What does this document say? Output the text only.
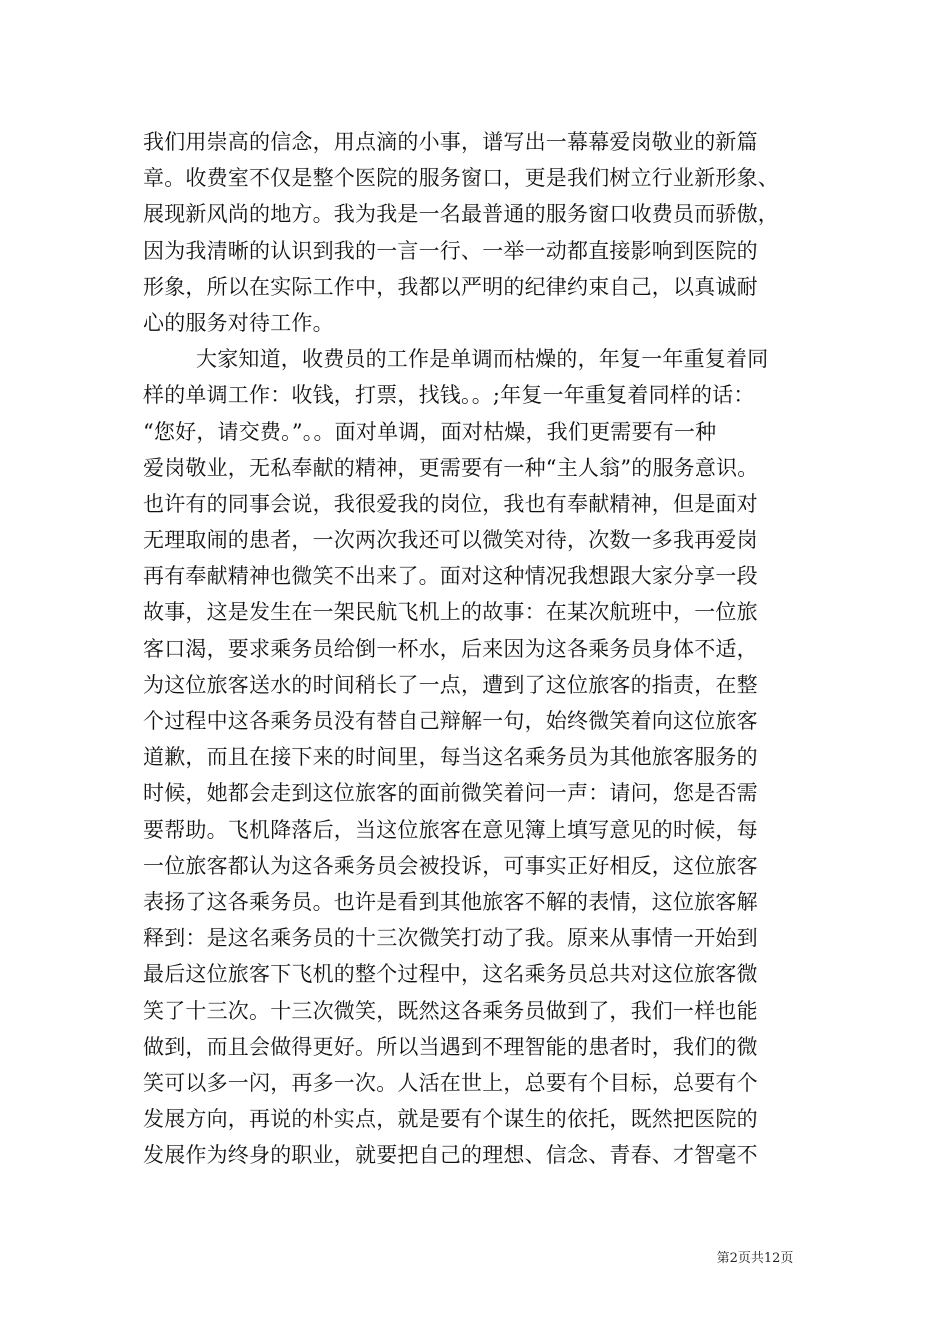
我们用崇高的信念，用点滴的小事，谱写出一幕幕爱岗敬业的新篇
章。收费室不仅是整个医院的服务窗口，更是我们树立行业新形象、
展现新风尚的地方。我为我是一名最普通的服务窗口收费员而骄傲，
因为我清晰的认识到我的一言一行、一举一动都直接影响到医院的
形象，所以在实际工作中，我都以严明的纪律约束自己，以真诚耐
心的服务对待工作。
大家知道，收费员的工作是单调而枯燥的，年复一年重复着同
样的单调工作：收钱，打票，找钱。。;年复一年重复着同样的话：
“您好，请交费。”。。面对单调，面对枯燥，我们更需要有一种
爱岗敬业，无私奉献的精神，更需要有一种“主人翁”的服务意识。
也许有的同事会说，我很爱我的岗位，我也有奉献精神，但是面对
无理取闹的患者，一次两次我还可以微笑对待，次数一多我再爱岗
再有奉献精神也微笑不出来了。面对这种情况我想跟大家分享一段
故事，这是发生在一架民航飞机上的故事：在某次航班中，一位旅
客口渴，要求乘务员给倒一杯水，后来因为这各乘务员身体不适，
为这位旅客送水的时间稍长了一点，遭到了这位旅客的指责，在整
个过程中这各乘务员没有替自己辩解一句，始终微笑着向这位旅客
道歉，而且在接下来的时间里，每当这名乘务员为其他旅客服务的
时候，她都会走到这位旅客的面前微笑着问一声：请问，您是否需
要帮助。飞机降落后，当这位旅客在意见簿上填写意见的时候，每
一位旅客都认为这各乘务员会被投诉，可事实正好相反，这位旅客
表扬了这各乘务员。也许是看到其他旅客不解的表情，这位旅客解
释到：是这名乘务员的十三次微笑打动了我。原来从事情一开始到
最后这位旅客下飞机的整个过程中，这名乘务员总共对这位旅客微
笑了十三次。十三次微笑，既然这各乘务员做到了，我们一样也能
做到，而且会做得更好。所以当遇到不理智能的患者时，我们的微
笑可以多一闪，再多一次。人活在世上，总要有个目标，总要有个
发展方向，再说的朴实点，就是要有个谋生的依托，既然把医院的
发展作为终身的职业，就要把自己的理想、信念、青春、才智毫不
第2页共12页
